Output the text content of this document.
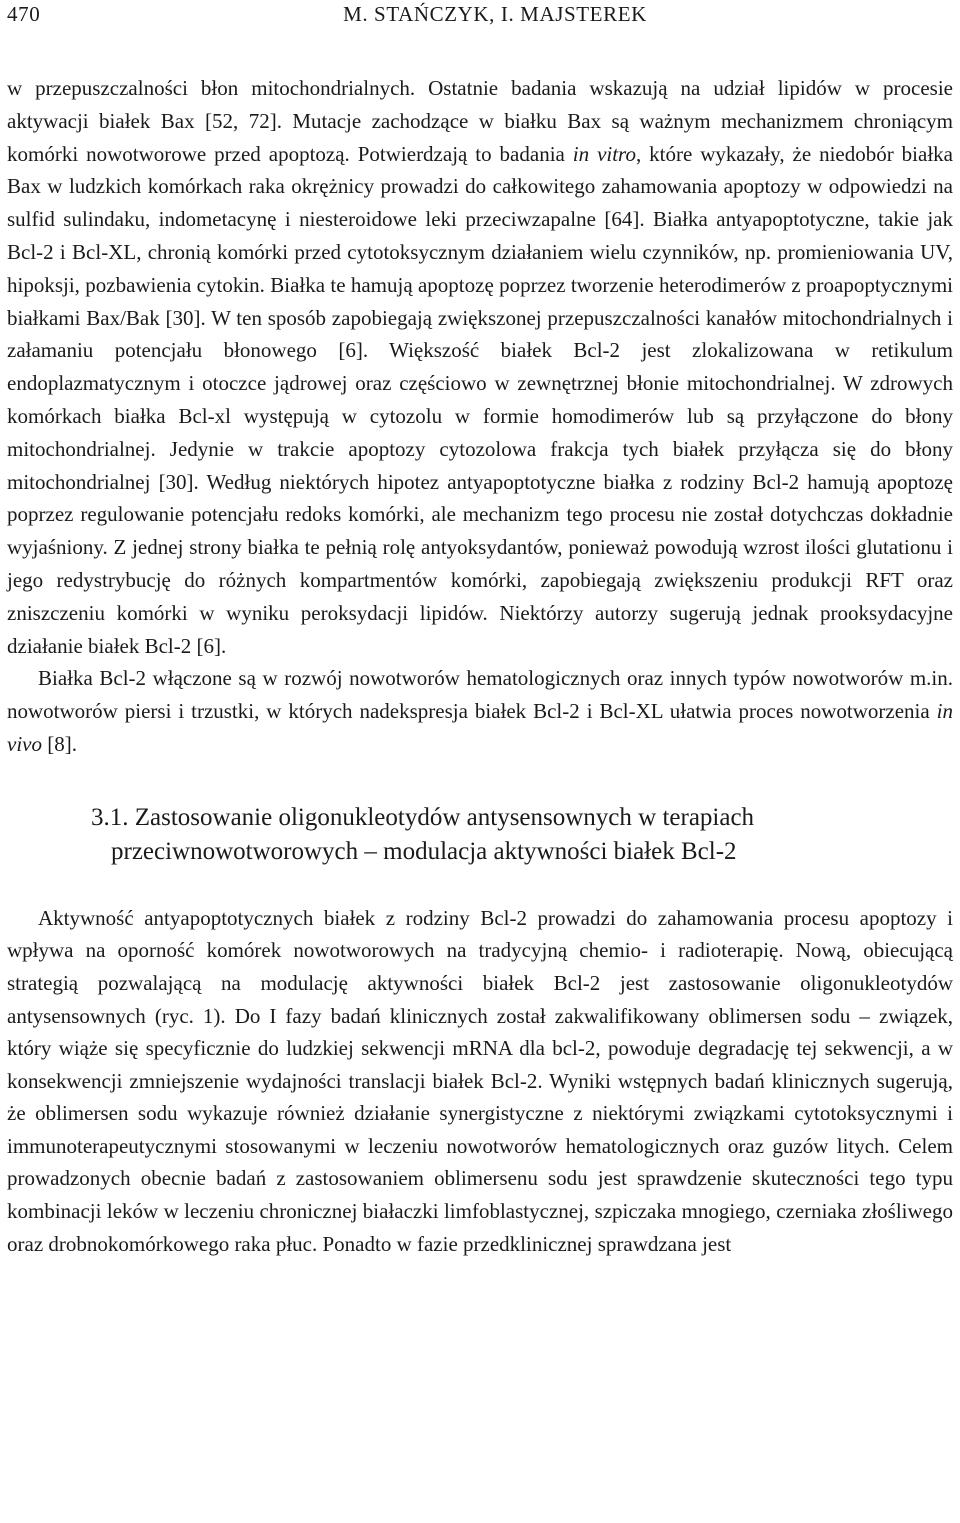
470	M. STAŃCZYK, I. MAJSTEREK

w przepuszczalności błon mitochondrialnych. Ostatnie badania wskazują na udział lipidów w procesie aktywacji białek Bax [52, 72]. Mutacje zachodzące w białku Bax są ważnym mechanizmem chroniącym komórki nowotworowe przed apoptozą. Potwierdzają to badania in vitro, które wykazały, że niedobór białka Bax w ludzkich komórkach raka okrężnicy prowadzi do całkowitego zahamowania apoptozy w odpowiedzi na sulfid sulindaku, indometacynę i niesteroidowe leki przeciwzapalne [64]. Białka antyapoptotyczne, takie jak Bcl-2 i Bcl-XL, chronią komórki przed cytotoksycznym działaniem wielu czynników, np. promieniowania UV, hipoksji, pozbawienia cytokin. Białka te hamują apoptozę poprzez tworzenie heterodimerów z proapoptycznymi białkami Bax/Bak [30]. W ten sposób zapobiegają zwiększonej przepuszczalności kanałów mitochondrialnych i załamaniu potencjału błonowego [6]. Większość białek Bcl-2 jest zlokalizowana w retikulum endoplazmatycznym i otoczce jądrowej oraz częściowo w zewnętrznej błonie mitochondrialnej. W zdrowych komórkach białka Bcl-xl występują w cytozolu w formie homodimerów lub są przyłączone do błony mitochondrialnej. Jedynie w trakcie apoptozy cytozolowa frakcja tych białek przyłącza się do błony mitochondrialnej [30]. Według niektórych hipotez antyapoptotyczne białka z rodziny Bcl-2 hamują apoptozę poprzez regulowanie potencjału redoks komórki, ale mechanizm tego procesu nie został dotychczas dokładnie wyjaśniony. Z jednej strony białka te pełnią rolę antyoksydantów, ponieważ powodują wzrost ilości glutationu i jego redystrybucję do różnych kompartmentów komórki, zapobiegają zwiększeniu produkcji RFT oraz zniszczeniu komórki w wyniku peroksydacji lipidów. Niektórzy autorzy sugerują jednak prooksydacyjne działanie białek Bcl-2 [6].

Białka Bcl-2 włączone są w rozwój nowotworów hematologicznych oraz innych typów nowotworów m.in. nowotworów piersi i trzustki, w których nadekspresja białek Bcl-2 i Bcl-XL ułatwia proces nowotworzenia in vivo [8].

3.1. Zastosowanie oligonukleotydów antysensownych w terapiach
przeciwnowotworowych – modulacja aktywności białek Bcl-2

Aktywność antyapoptotycznych białek z rodziny Bcl-2 prowadzi do zahamowania procesu apoptozy i wpływa na oporność komórek nowotworowych na tradycyjną chemio- i radioterapię. Nową, obiecującą strategią pozwalającą na modulację aktywności białek Bcl-2 jest zastosowanie oligonukleotydów antysensownych (ryc. 1). Do I fazy badań klinicznych został zakwalifikowany oblimersen sodu – związek, który wiąże się specyficznie do ludzkiej sekwencji mRNA dla bcl-2, powoduje degradację tej sekwencji, a w konsekwencji zmniejszenie wydajności translacji białek Bcl-2. Wyniki wstępnych badań klinicznych sugerują, że oblimersen sodu wykazuje również działanie synergistyczne z niektórymi związkami cytotoksycznymi i immunoterapeutycznymi stosowanymi w leczeniu nowotworów hematologicznych oraz guzów litych. Celem prowadzonych obecnie badań z zastosowaniem oblimersenu sodu jest sprawdzenie skuteczności tego typu kombinacji leków w leczeniu chronicznej białaczki limfoblastycznej, szpiczaka mnogiego, czerniaka złośliwego oraz drobnokomórkowego raka płuc. Ponadto w fazie przedklinicznej sprawdzana jest
